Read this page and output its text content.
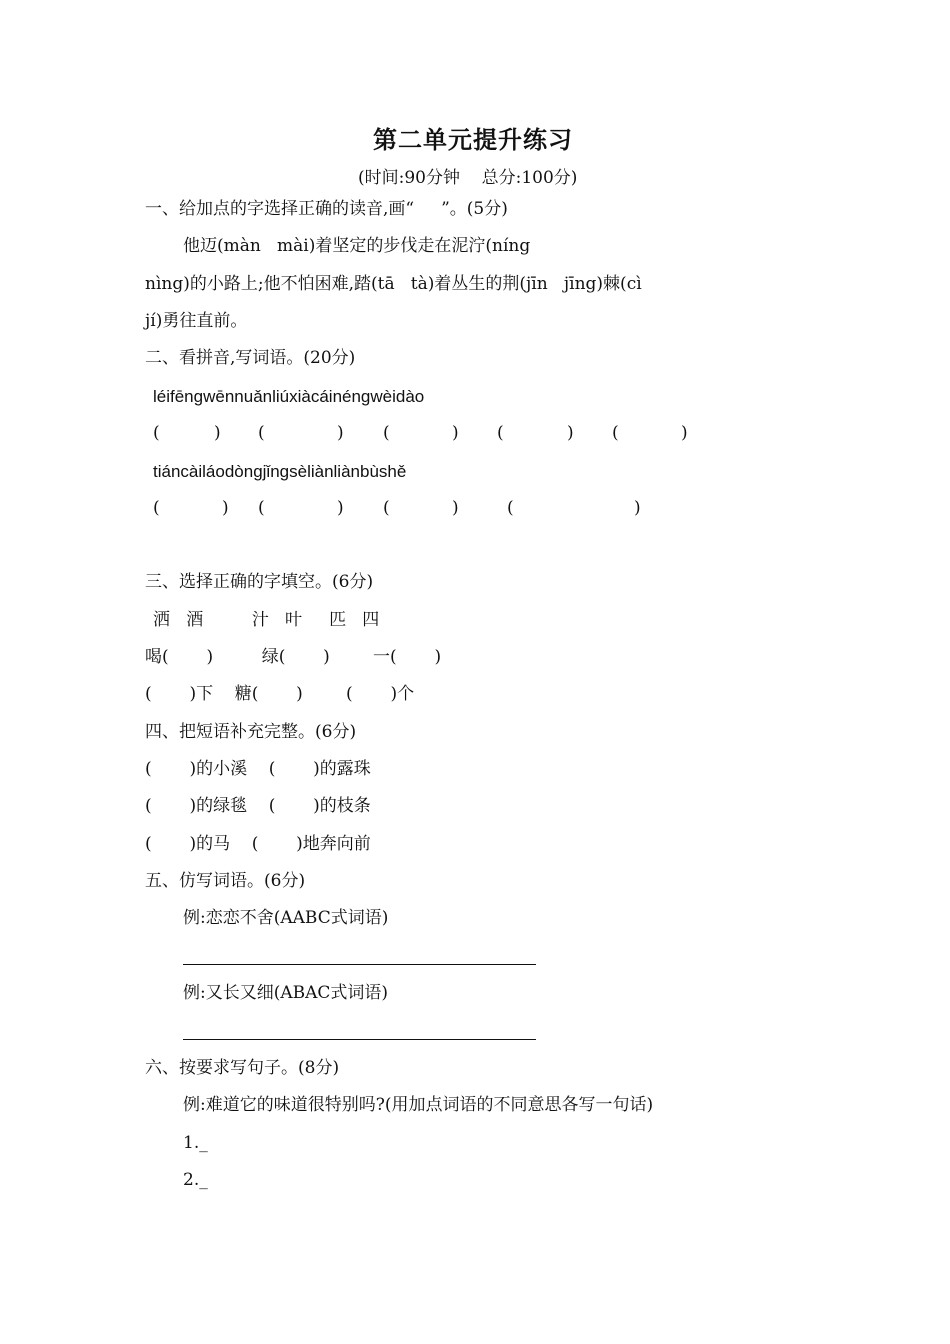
第二单元提升练习
(时间:90分钟    总分:100分)
一、给加点的字选择正确的读音,画“     ”。(5分)
他迈(màn   mài)着坚定的步伐走在泥泞(níng
nìng)的小路上;他不怕困难,踏(tā   tà)着丛生的荆(jīn   jīng)棘(cì
jí)勇往直前。
二、看拼音,写词语。(20分)
léifēngwēnnuǎnliúxiàcáinéngwèidào
(	) (	) (	) (	) (	)
tiáncàiláodòngjǐngsèliànliànbùshě
(	) (	) (	)	(	)
三、选择正确的字填空。(6分)
洒   酒         汁   叶     匹   四
喝(       )         绿(       )        一(       )
(       )下    糖(       )        (       )个
四、把短语补充完整。(6分)
(       )的小溪    (       )的露珠
(       )的绿毯    (       )的枝条
(       )的马    (       )地奔向前
五、仿写词语。(6分)
例:恋恋不舍(AABC式词语)
例:又长又细(ABAC式词语)
六、按要求写句子。(8分)
例:难道它的味道很特别吗?(用加点词语的不同意思各写一句话)
1._
2._
